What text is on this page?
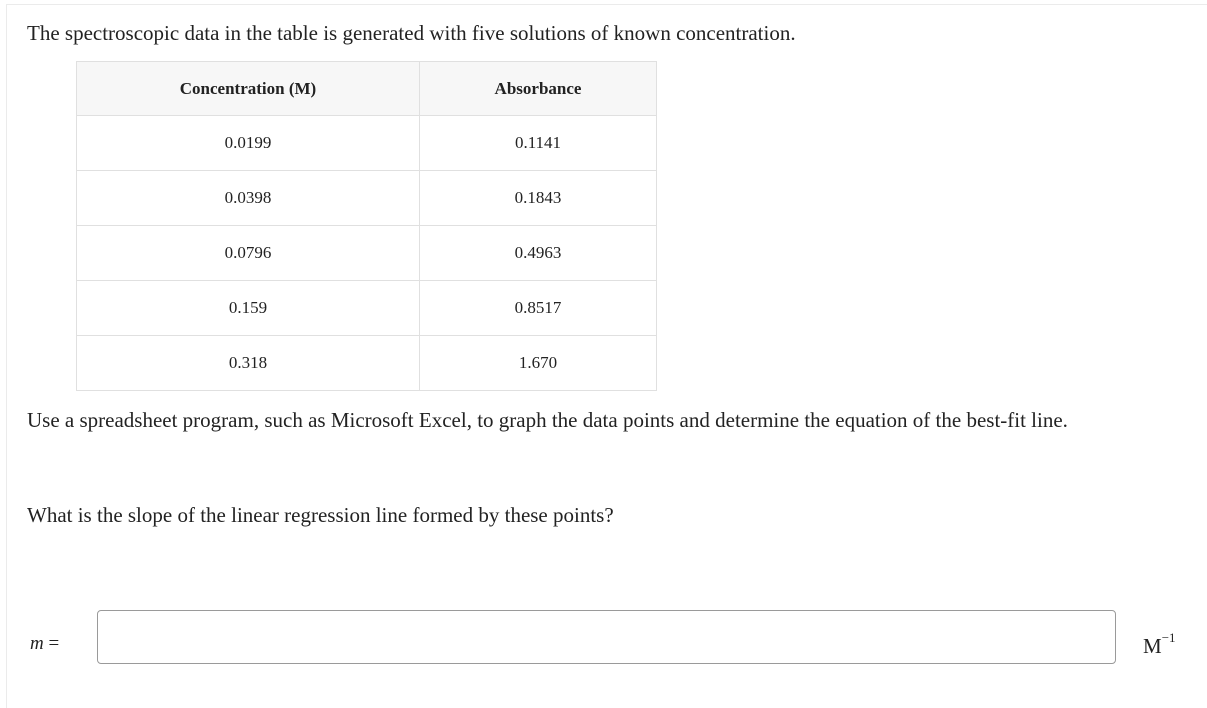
The spectroscopic data in the table is generated with five solutions of known concentration.
Concentration (M)	Absorbance
0.0199	0.1141
0.0398	0.1843
0.0796	0.4963
0.159	0.8517
0.318	1.670
Use a spreadsheet program, such as Microsoft Excel, to graph the data points and determine the equation of the best-fit line.
What is the slope of the linear regression line formed by these points?
m =	$M^{-1}$
